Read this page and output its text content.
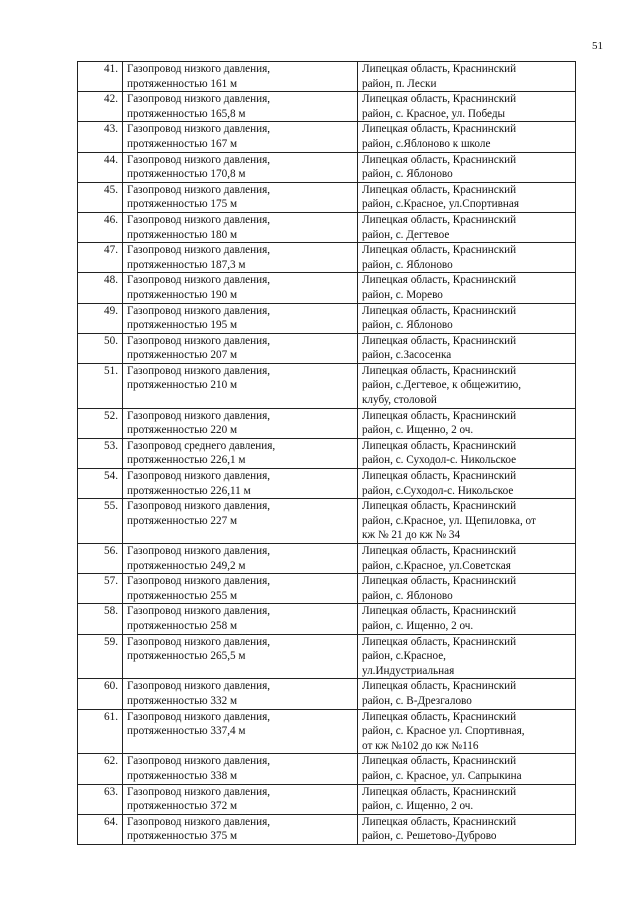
51
41.	Газопровод низкого давления,
протяженностью 161 м	Липецкая область, Краснинский
район, п. Лески

42.	Газопровод низкого давления,
протяженностью 165,8 м	Липецкая область, Краснинский
район, с. Красное, ул. Победы

43.	Газопровод низкого давления,
протяженностью 167 м	Липецкая область, Краснинский
район, с.Яблоново к школе

44.	Газопровод низкого давления,
протяженностью 170,8 м	Липецкая область, Краснинский
район, с. Яблоново

45.	Газопровод низкого давления,
протяженностью 175 м	Липецкая область, Краснинский
район, с.Красное, ул.Спортивная

46.	Газопровод низкого давления,
протяженностью 180 м	Липецкая область, Краснинский
район, с. Дегтевое

47.	Газопровод низкого давления,
протяженностью 187,3 м	Липецкая область, Краснинский
район, с. Яблоново

48.	Газопровод низкого давления,
протяженностью 190 м	Липецкая область, Краснинский
район, с. Морево

49.	Газопровод низкого давления,
протяженностью 195 м	Липецкая область, Краснинский
район, с. Яблоново

50.	Газопровод низкого давления,
протяженностью 207 м	Липецкая область, Краснинский
район, с.Засосенка

51.	Газопровод низкого давления,
протяженностью 210 м	Липецкая область, Краснинский
район, с.Дегтевое, к общежитию,
клубу, столовой

52.	Газопровод низкого давления,
протяженностью 220 м	Липецкая область, Краснинский
район, с. Ищенно, 2 оч.

53.	Газопровод среднего давления,
протяженностью 226,1 м	Липецкая область, Краснинский
район, с. Суходол-с. Никольское

54.	Газопровод низкого давления,
протяженностью 226,11 м	Липецкая область, Краснинский
район, с.Суходол-с. Никольское

55.	Газопровод низкого давления,
протяженностью 227 м	Липецкая область, Краснинский
район, с.Красное, ул. Щепиловка, от
кж № 21 до кж № 34

56.	Газопровод низкого давления,
протяженностью 249,2 м	Липецкая область, Краснинский
район, с.Красное, ул.Советская

57.	Газопровод низкого давления,
протяженностью 255 м	Липецкая область, Краснинский
район, с. Яблоново

58.	Газопровод низкого давления,
протяженностью 258 м	Липецкая область, Краснинский
район, с. Ищенно, 2 оч.

59.	Газопровод низкого давления,
протяженностью 265,5 м	Липецкая область, Краснинский
район, с.Красное,
ул.Индустриальная

60.	Газопровод низкого давления,
протяженностью 332 м	Липецкая область, Краснинский
район, с. В-Дрезгалово

61.	Газопровод низкого давления,
протяженностью 337,4 м	Липецкая область, Краснинский
район, с. Красное ул. Спортивная,
от кж №102 до кж №116

62.	Газопровод низкого давления,
протяженностью 338 м	Липецкая область, Краснинский
район, с. Красное, ул. Сапрыкина

63.	Газопровод низкого давления,
протяженностью 372 м	Липецкая область, Краснинский
район, с. Ищенно, 2 оч.

64.	Газопровод низкого давления,
протяженностью 375 м	Липецкая область, Краснинский
район, с. Решетово-Дуброво
